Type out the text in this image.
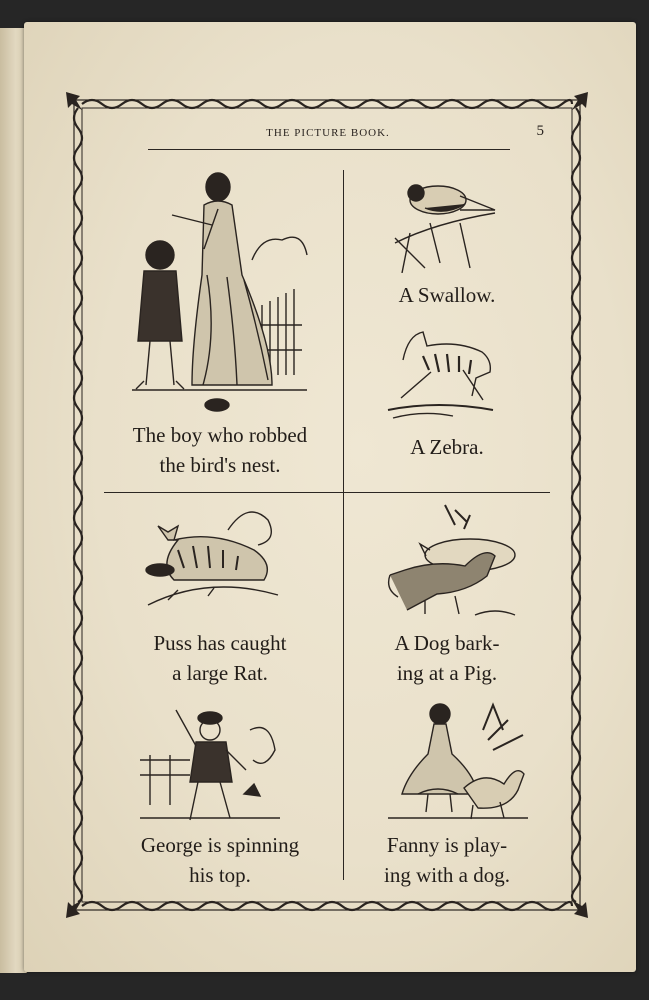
THE PICTURE BOOK.	5
The boy who robbed
the bird's nest.
A Swallow.
A Zebra.
Puss has caught
a large Rat.
A Dog bark-
ing at a Pig.
George is spinning
his top.
Fanny is play-
ing with a dog.
